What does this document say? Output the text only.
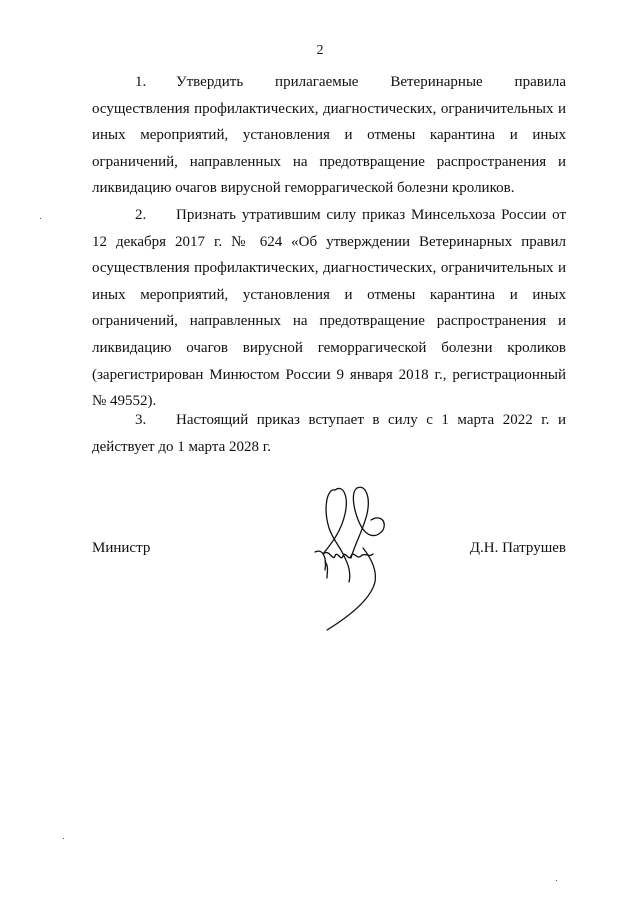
2
1. Утвердить прилагаемые Ветеринарные правила осуществления профилактических, диагностических, ограничительных и иных мероприятий, установления и отмены карантина и иных ограничений, направленных на предотвращение распространения и ликвидацию очагов вирусной геморрагической болезни кроликов.
2. Признать утратившим силу приказ Минсельхоза России от 12 декабря 2017 г. № 624 «Об утверждении Ветеринарных правил осуществления профилактических, диагностических, ограничительных и иных мероприятий, установления и отмены карантина и иных ограничений, направленных на предотвращение распространения и ликвидацию очагов вирусной геморрагической болезни кроликов (зарегистрирован Минюстом России 9 января 2018 г., регистрационный № 49552).
3. Настоящий приказ вступает в силу с 1 марта 2022 г. и действует до 1 марта 2028 г.
Министр	Д.Н. Патрушев
